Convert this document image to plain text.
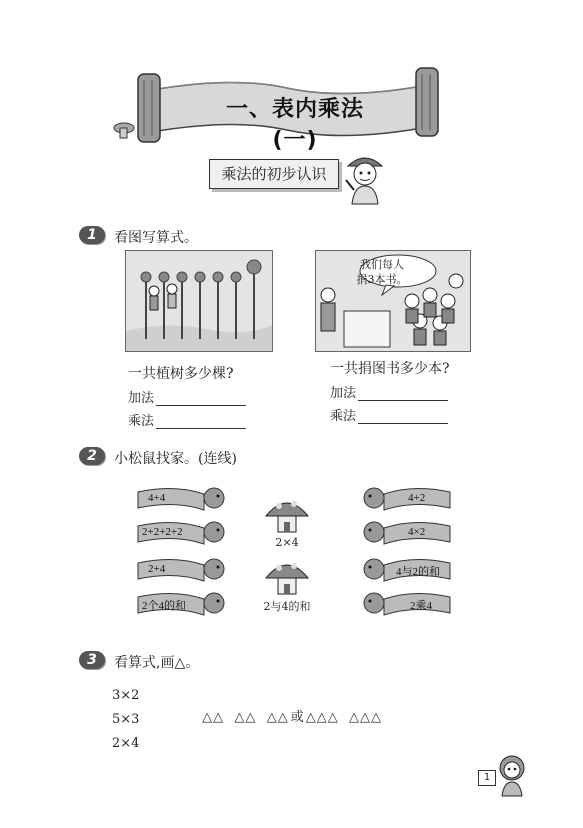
一、表内乘法(一)
乘法的初步认识
1	看图写算式。
我们每人
捐3本书。
一共植树多少棵?
加法
乘法
一共捐图书多少本?
加法
乘法
2	小松鼠找家。(连线)
4+4
2+2+2+2
2+4
2个4的和
2×4
2与4的和
4+2
4×2
4与2的和
2乘4
3	看算式,画△。
3×2
5×3
2×4

△△  △△  △△ 或 △△△  △△△

1
